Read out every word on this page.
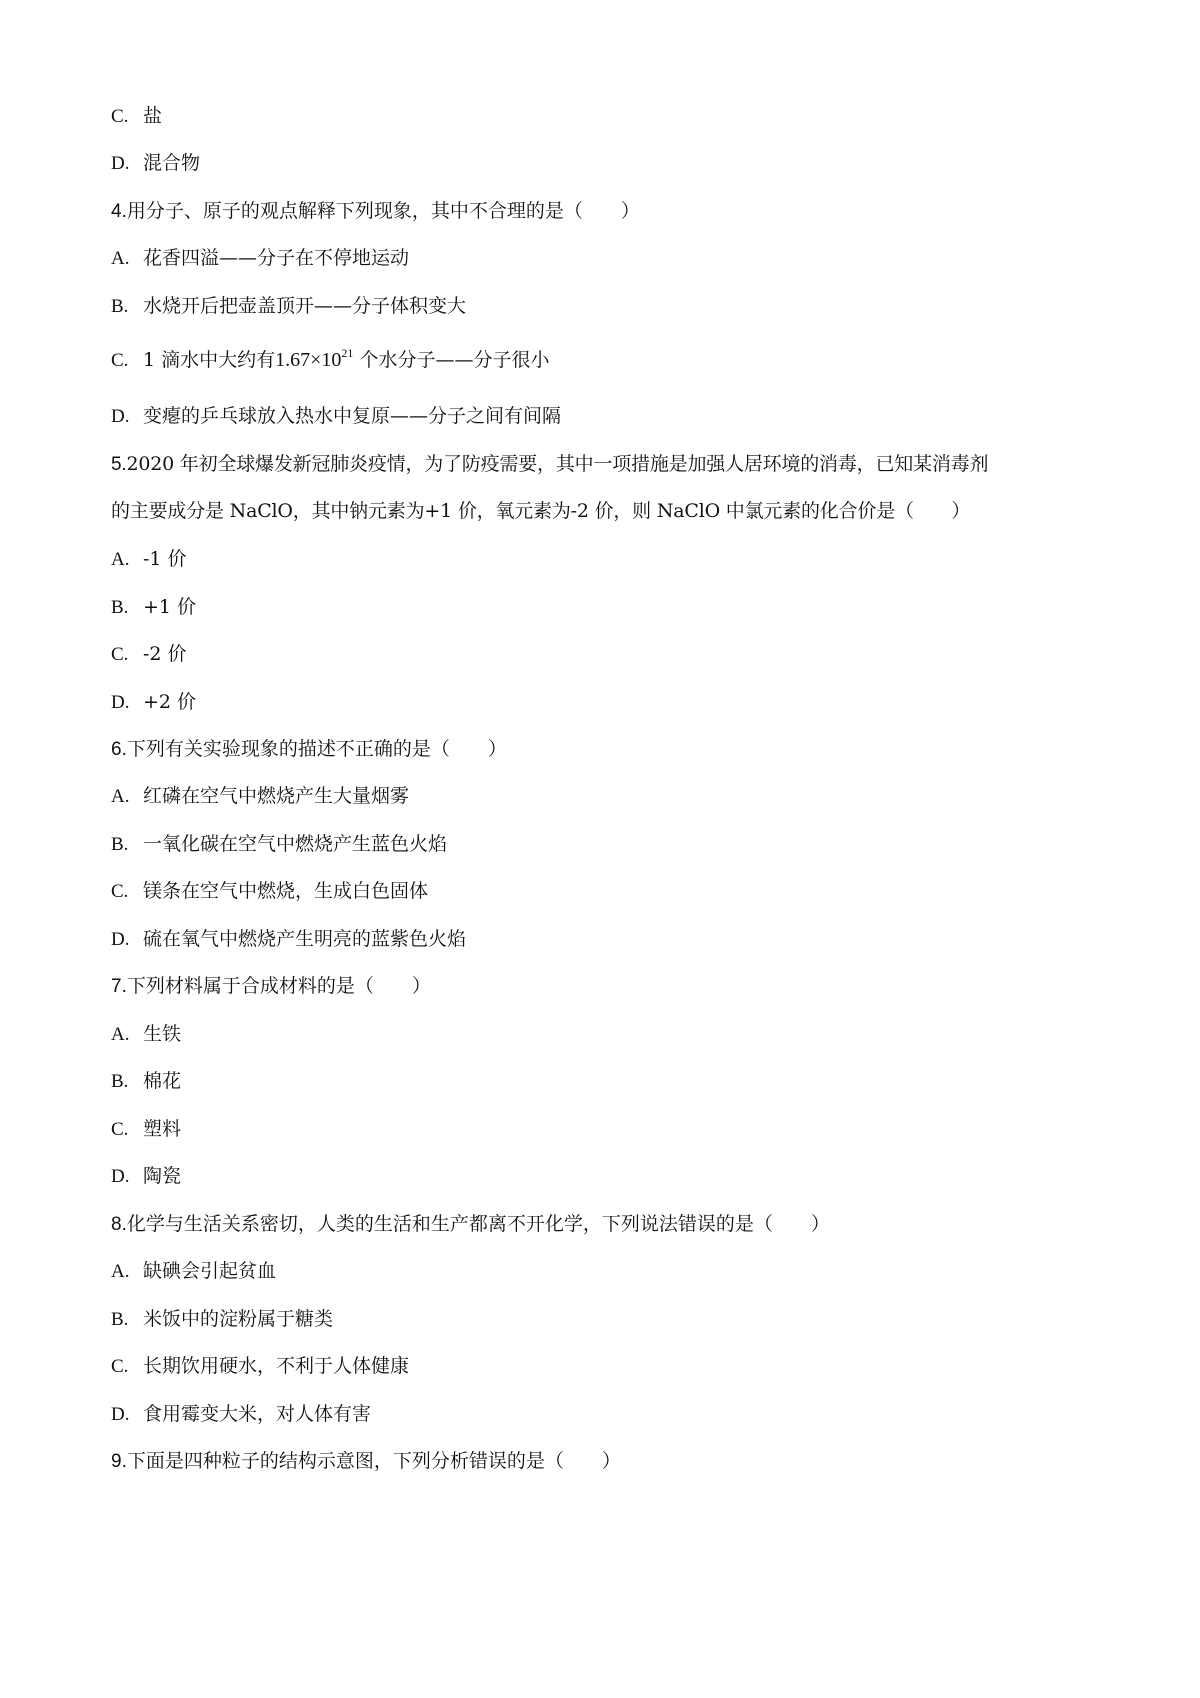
C. 盐
D. 混合物
4.用分子、原子的观点解释下列现象，其中不合理的是（　　）
A. 花香四溢——分子在不停地运动
B. 水烧开后把壶盖顶开——分子体积变大
C. 1 滴水中大约有$1.67\times 10^{21}$ 个水分子——分子很小
D. 变瘪的乒乓球放入热水中复原——分子之间有间隔
5.2020 年初全球爆发新冠肺炎疫情，为了防疫需要，其中一项措施是加强人居环境的消毒，已知某消毒剂
的主要成分是 NaClO，其中钠元素为+1 价，氧元素为-2 价，则 NaClO 中氯元素的化合价是（　　）
A. -1 价
B. +1 价
C. -2 价
D. +2 价
6.下列有关实验现象的描述不正确的是（　　）
A. 红磷在空气中燃烧产生大量烟雾
B. 一氧化碳在空气中燃烧产生蓝色火焰
C. 镁条在空气中燃烧，生成白色固体
D. 硫在氧气中燃烧产生明亮的蓝紫色火焰
7.下列材料属于合成材料的是（　　）
A. 生铁
B. 棉花
C. 塑料
D. 陶瓷
8.化学与生活关系密切，人类的生活和生产都离不开化学，下列说法错误的是（　　）
A. 缺碘会引起贫血
B. 米饭中的淀粉属于糖类
C. 长期饮用硬水，不利于人体健康
D. 食用霉变大米，对人体有害
9.下面是四种粒子的结构示意图，下列分析错误的是（　　）
